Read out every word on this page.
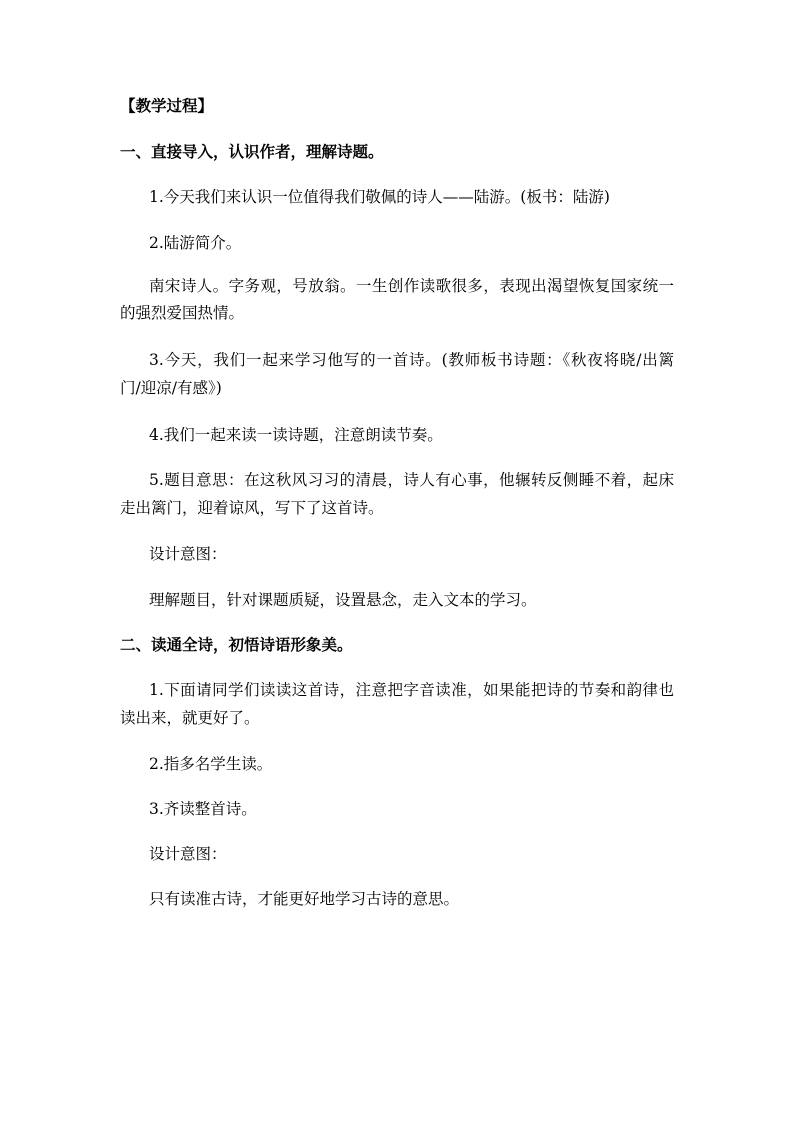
【教学过程】
一、直接导入，认识作者，理解诗题。
1.今天我们来认识一位值得我们敬佩的诗人——陆游。(板书：陆游)
2.陆游简介。
南宋诗人。字务观，号放翁。一生创作读歌很多，表现出渴望恢复国家统一
的强烈爱国热情。
3.今天，我们一起来学习他写的一首诗。(教师板书诗题：《秋夜将晓/出篱
门/迎凉/有感》)
4.我们一起来读一读诗题，注意朗读节奏。
5.题目意思：在这秋风习习的清晨，诗人有心事，他辗转反侧睡不着，起床
走出篱门，迎着谅风，写下了这首诗。
设计意图：
理解题目，针对课题质疑，设置悬念，走入文本的学习。
二、读通全诗，初悟诗语形象美。
1.下面请同学们读读这首诗，注意把字音读准，如果能把诗的节奏和韵律也
读出来，就更好了。
2.指多名学生读。
3.齐读整首诗。
设计意图：
只有读准古诗，才能更好地学习古诗的意思。
